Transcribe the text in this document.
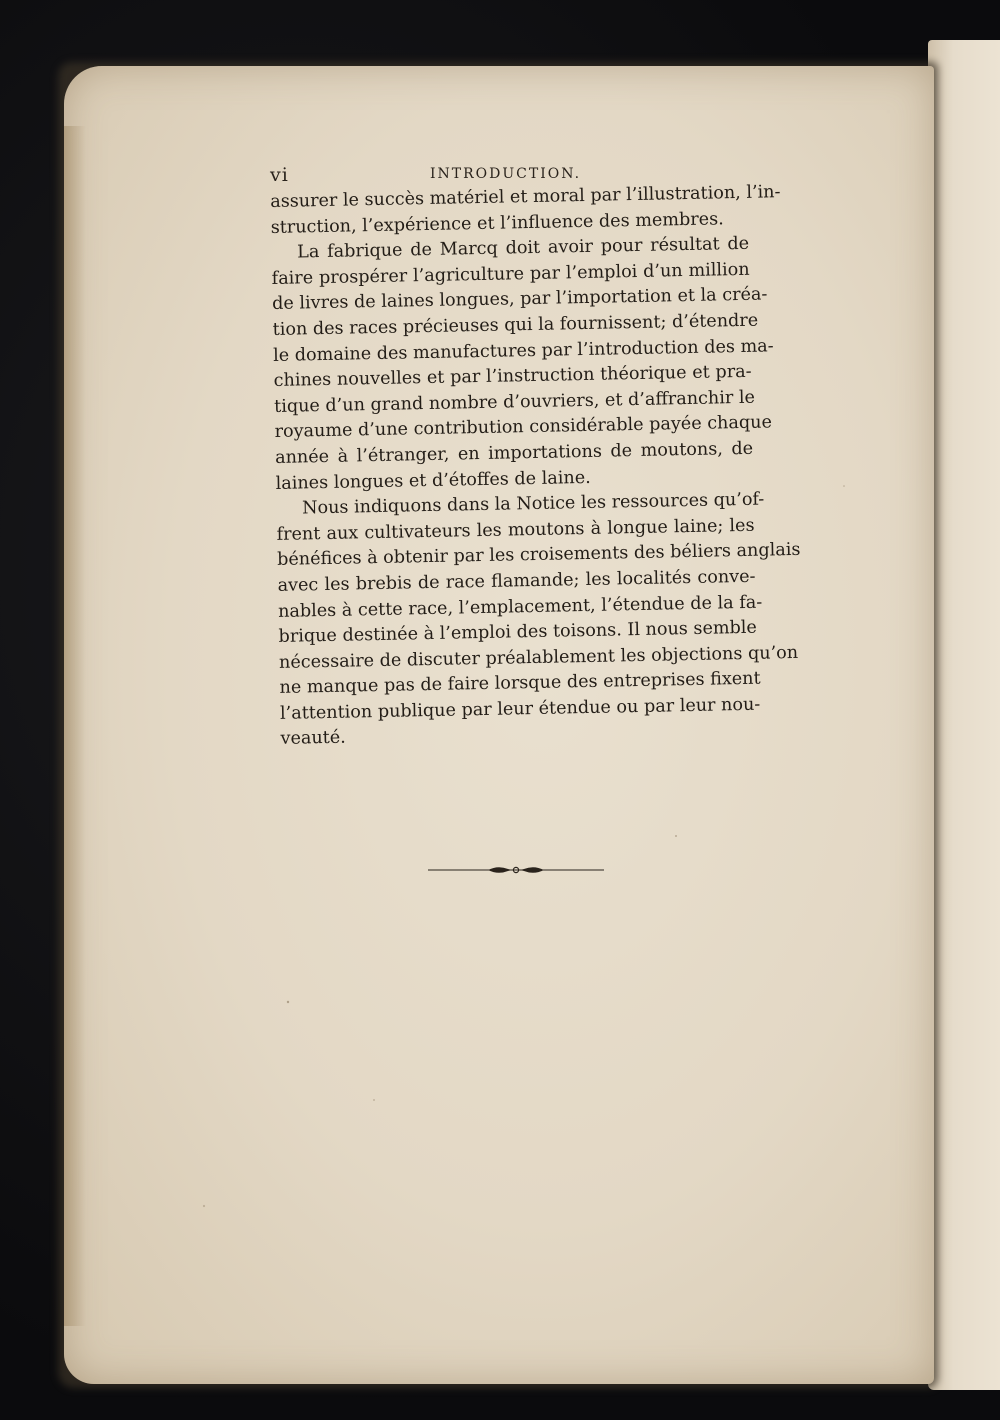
vi	INTRODUCTION.
assurer le succès matériel et moral par l’illustration, l’in-
struction, l’expérience et l’influence des membres.
La fabrique de Marcq doit avoir pour résultat de
faire prospérer l’agriculture par l’emploi d’un million
de livres de laines longues, par l’importation et la créa-
tion des races précieuses qui la fournissent; d’étendre
le domaine des manufactures par l’introduction des ma-
chines nouvelles et par l’instruction théorique et pra-
tique d’un grand nombre d’ouvriers, et d’affranchir le
royaume d’une contribution considérable payée chaque
année à l’étranger, en importations de moutons, de
laines longues et d’étoffes de laine.
Nous indiquons dans la Notice les ressources qu’of-
frent aux cultivateurs les moutons à longue laine; les
bénéfices à obtenir par les croisements des béliers anglais
avec les brebis de race flamande; les localités conve-
nables à cette race, l’emplacement, l’étendue de la fa-
brique destinée à l’emploi des toisons. Il nous semble
nécessaire de discuter préalablement les objections qu’on
ne manque pas de faire lorsque des entreprises fixent
l’attention publique par leur étendue ou par leur nou-
veauté.
